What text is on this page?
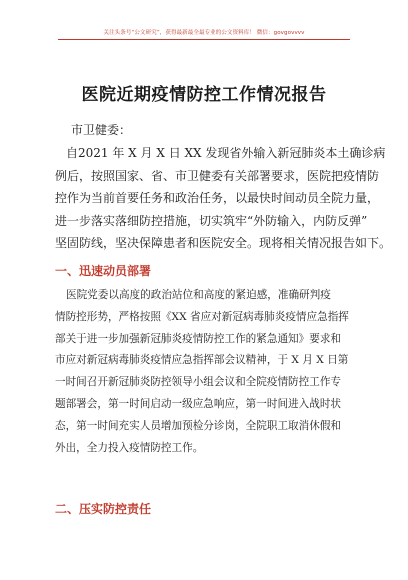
关注头条号“公文研究”，获得最新最全最专业的公文资料库！ 微信：govgovvvv
医院近期疫情防控工作情况报告
市卫健委：
自2021 年 X 月 X 日 XX 发现省外输入新冠肺炎本土确诊病
例后，按照国家、省、市卫健委有关部署要求，医院把疫情防
控作为当前首要任务和政治任务，以最快时间动员全院力量，
进一步落实落细防控措施，切实筑牢“外防输入，内防反弹”
坚固防线，坚决保障患者和医院安全。现将相关情况报告如下。
一、迅速动员部署
医院党委以高度的政治站位和高度的紧迫感，准确研判疫
情防控形势，严格按照《XX 省应对新冠病毒肺炎疫情应急指挥
部关于进一步加强新冠肺炎疫情防控工作的紧急通知》要求和
市应对新冠病毒肺炎疫情应急指挥部会议精神，于 X 月 X 日第
一时间召开新冠肺炎防控领导小组会议和全院疫情防控工作专
题部署会，第一时间启动一级应急响应，第一时间进入战时状
态，第一时间充实人员增加预检分诊岗，全院职工取消休假和
外出，全力投入疫情防控工作。
二、压实防控责任
